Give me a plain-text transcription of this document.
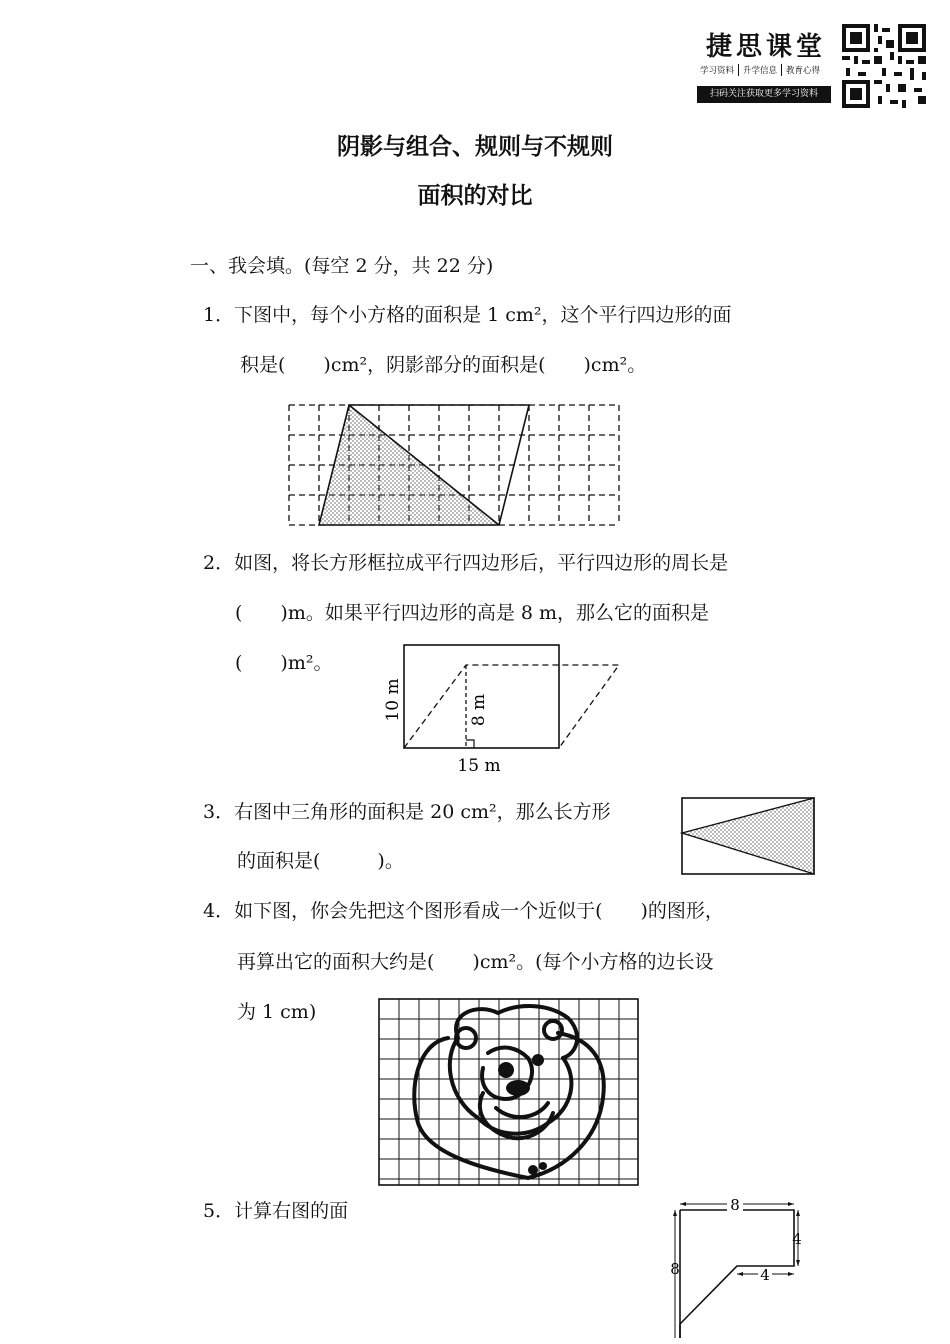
捷思课堂
学习资料	升学信息	教育心得
扫码关注获取更多学习资料
阴影与组合、规则与不规则
面积的对比
一、我会填。(每空 2 分，共 22 分)
1．下图中，每个小方格的面积是 1 cm²，这个平行四边形的面
积是(　　)cm²，阴影部分的面积是(　　)cm²。
2．如图，将长方形框拉成平行四边形后，平行四边形的周长是
(　　)m。如果平行四边形的高是 8 m，那么它的面积是
(　　)m²。
10 m	8 m
15 m
3．右图中三角形的面积是 20 cm²，那么长方形
的面积是(　　　)。
4．如下图，你会先把这个图形看成一个近似于(　　)的图形，
再算出它的面积大约是(　　)cm²。(每个小方格的边长设
为 1 cm)
5．计算右图的面	8
4
8	4
